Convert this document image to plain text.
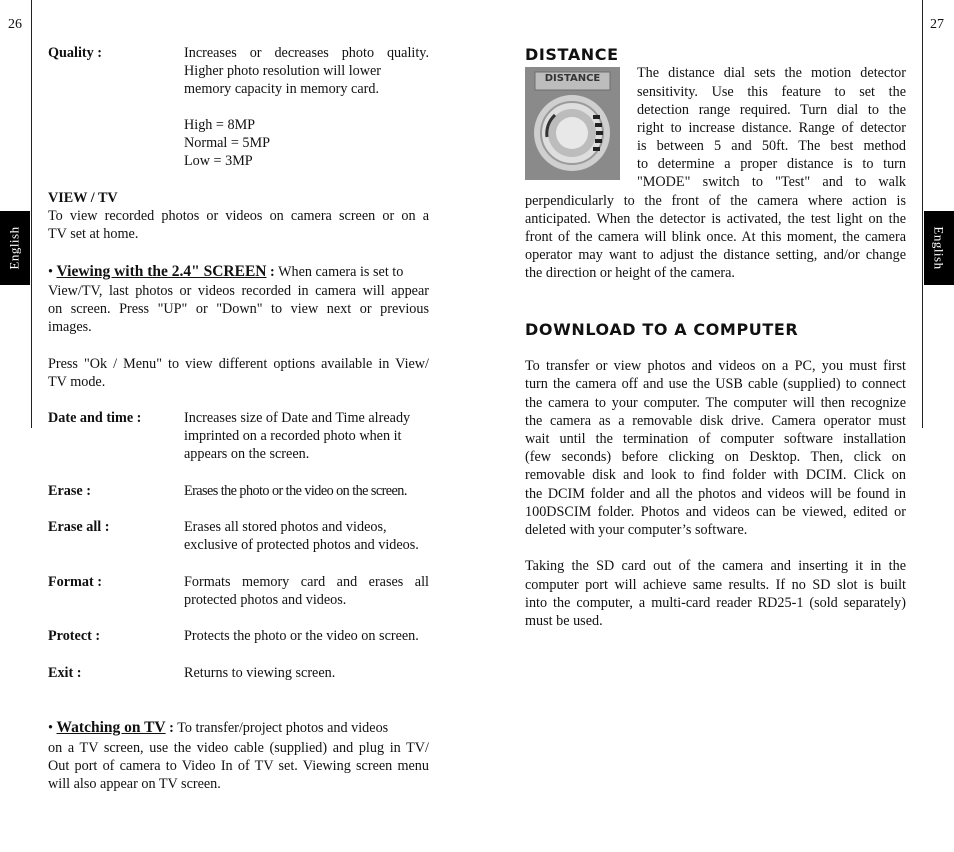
26	27
English	English
Quality :	Increases or decreases photo quality.
Higher photo resolution will lower
memory capacity in memory card.
High = 8MP
Normal = 5MP
Low = 3MP
VIEW / TV
To view recorded photos or videos on camera screen or on a
TV set at home.
• Viewing with the 2.4" SCREEN : When camera is set to
View/TV, last photos or videos recorded in camera will appear
on screen. Press "UP" or "Down" to view next or previous
images.
Press "Ok / Menu" to view different options available in View/
TV mode.
Date and time :	Increases size of Date and Time already
imprinted on a recorded photo when it
appears on the screen.
Erase :	Erases the photo or the video on the screen.
Erase all :	Erases all stored photos and videos,
exclusive of protected photos and videos.
Format :	Formats memory card and erases all
protected photos and videos.
Protect :	Protects the photo or the video on screen.
Exit :	Returns to viewing screen.
• Watching on TV : To transfer/project photos and videos
on a TV screen, use the video cable (supplied) and plug in TV/
Out port of camera to Video In of TV set. Viewing screen menu
will also appear on TV screen.
DISTANCE
DISTANCE	The distance dial sets the motion detector
sensitivity. Use this feature to set the
detection range required. Turn dial to the
right to increase distance. Range of detector
is between 5 and 50ft. The best method
to determine a proper distance is to turn
"MODE" switch to "Test" and to walk
perpendicularly to the front of the camera where action is
anticipated. When the detector is activated, the test light on the
front of the camera will blink once. At this moment, the camera
operator may want to adjust the distance setting, and/or change
the direction or height of the camera.
DOWNLOAD TO A COMPUTER
To transfer or view photos and videos on a PC, you must first
turn the camera off and use the USB cable (supplied) to connect
the camera to your computer. The computer will then recognize
the camera as a removable disk drive. Camera operator must
wait until the termination of computer software installation
(few seconds) before clicking on Desktop. Then, click on
removable disk and look to find folder with DCIM. Click on
the DCIM folder and all the photos and videos will be found in
100DSCIM folder. Photos and videos can be viewed, edited or
deleted with your computer’s software.
Taking the SD card out of the camera and inserting it in the
computer port will achieve same results. If no SD slot is built
into the computer, a multi-card reader RD25-1 (sold separately)
must be used.
